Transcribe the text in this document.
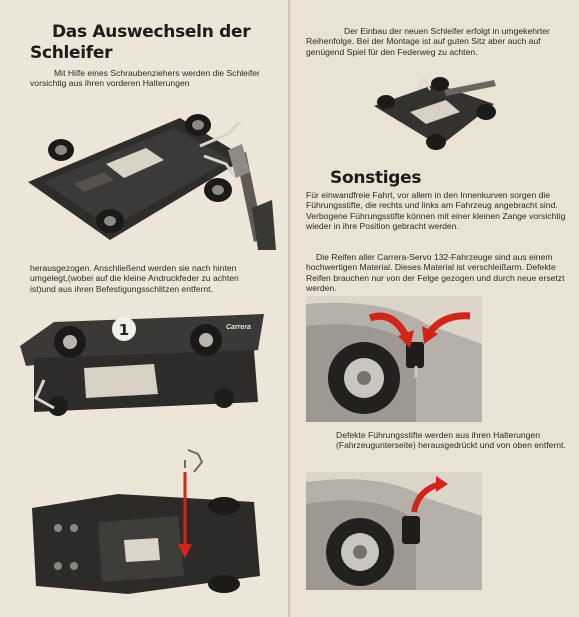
Das Auswechseln der
Schleifer

Mit Hilfe eines Schraubenziehers werden die Schleifer vorsichtig aus ihren vorderen Halterungen

herausgezogen. Anschließend werden sie nach hinten umgelegt,(wobei auf die kleine Andruckfeder zu achten ist)und aus ihren Befestigungsschlitzen entfernt.

1	Carrera

Der Einbau der neuen Schleifer erfolgt in umgekehrter Reihenfolge. Bei der Montage ist auf guten Sitz aber auch auf genügend Spiel für den Federweg zu achten.

Sonstiges

Für einwandfreie Fahrt, vor allem in den Innenkurven sorgen die Führungsstifte, die rechts und links am Fahrzeug angebracht sind. Verbogene Führungsstifte können mit einer kleinen Zange vorsichtig wieder in ihre Position gebracht werden.

Die Reifen aller Carrera-Servo 132-Fahrzeuge sind aus einem hochwertigen Material. Dieses Material ist verschleißarm. Defekte Reifen brauchen nur von der Felge gezogen und durch neue ersetzt werden.

Defekte Führungsstifte werden aus ihren Halterungen (Fahrzeugunterseite) herausgedrückt und von oben entfernt.
